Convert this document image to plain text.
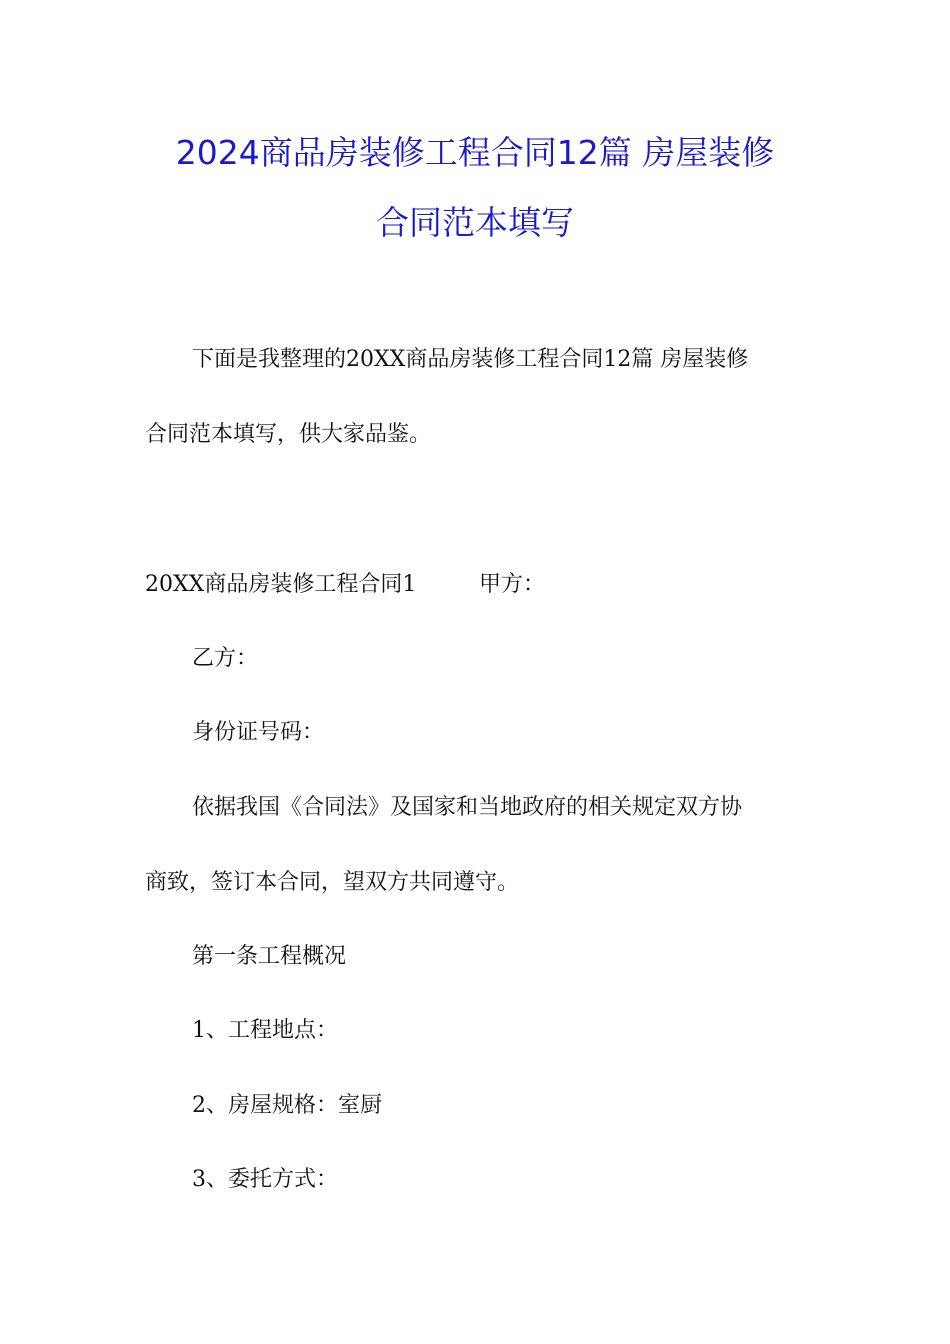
2024商品房装修工程合同12篇 房屋装修
合同范本填写
下面是我整理的20XX商品房装修工程合同12篇 房屋装修
合同范本填写，供大家品鉴。
20XX商品房装修工程合同1	甲方：
乙方：
身份证号码：
依据我国《合同法》及国家和当地政府的相关规定双方协
商致，签订本合同，望双方共同遵守。
第一条工程概况
1、工程地点：
2、房屋规格：室厨
3、委托方式：
